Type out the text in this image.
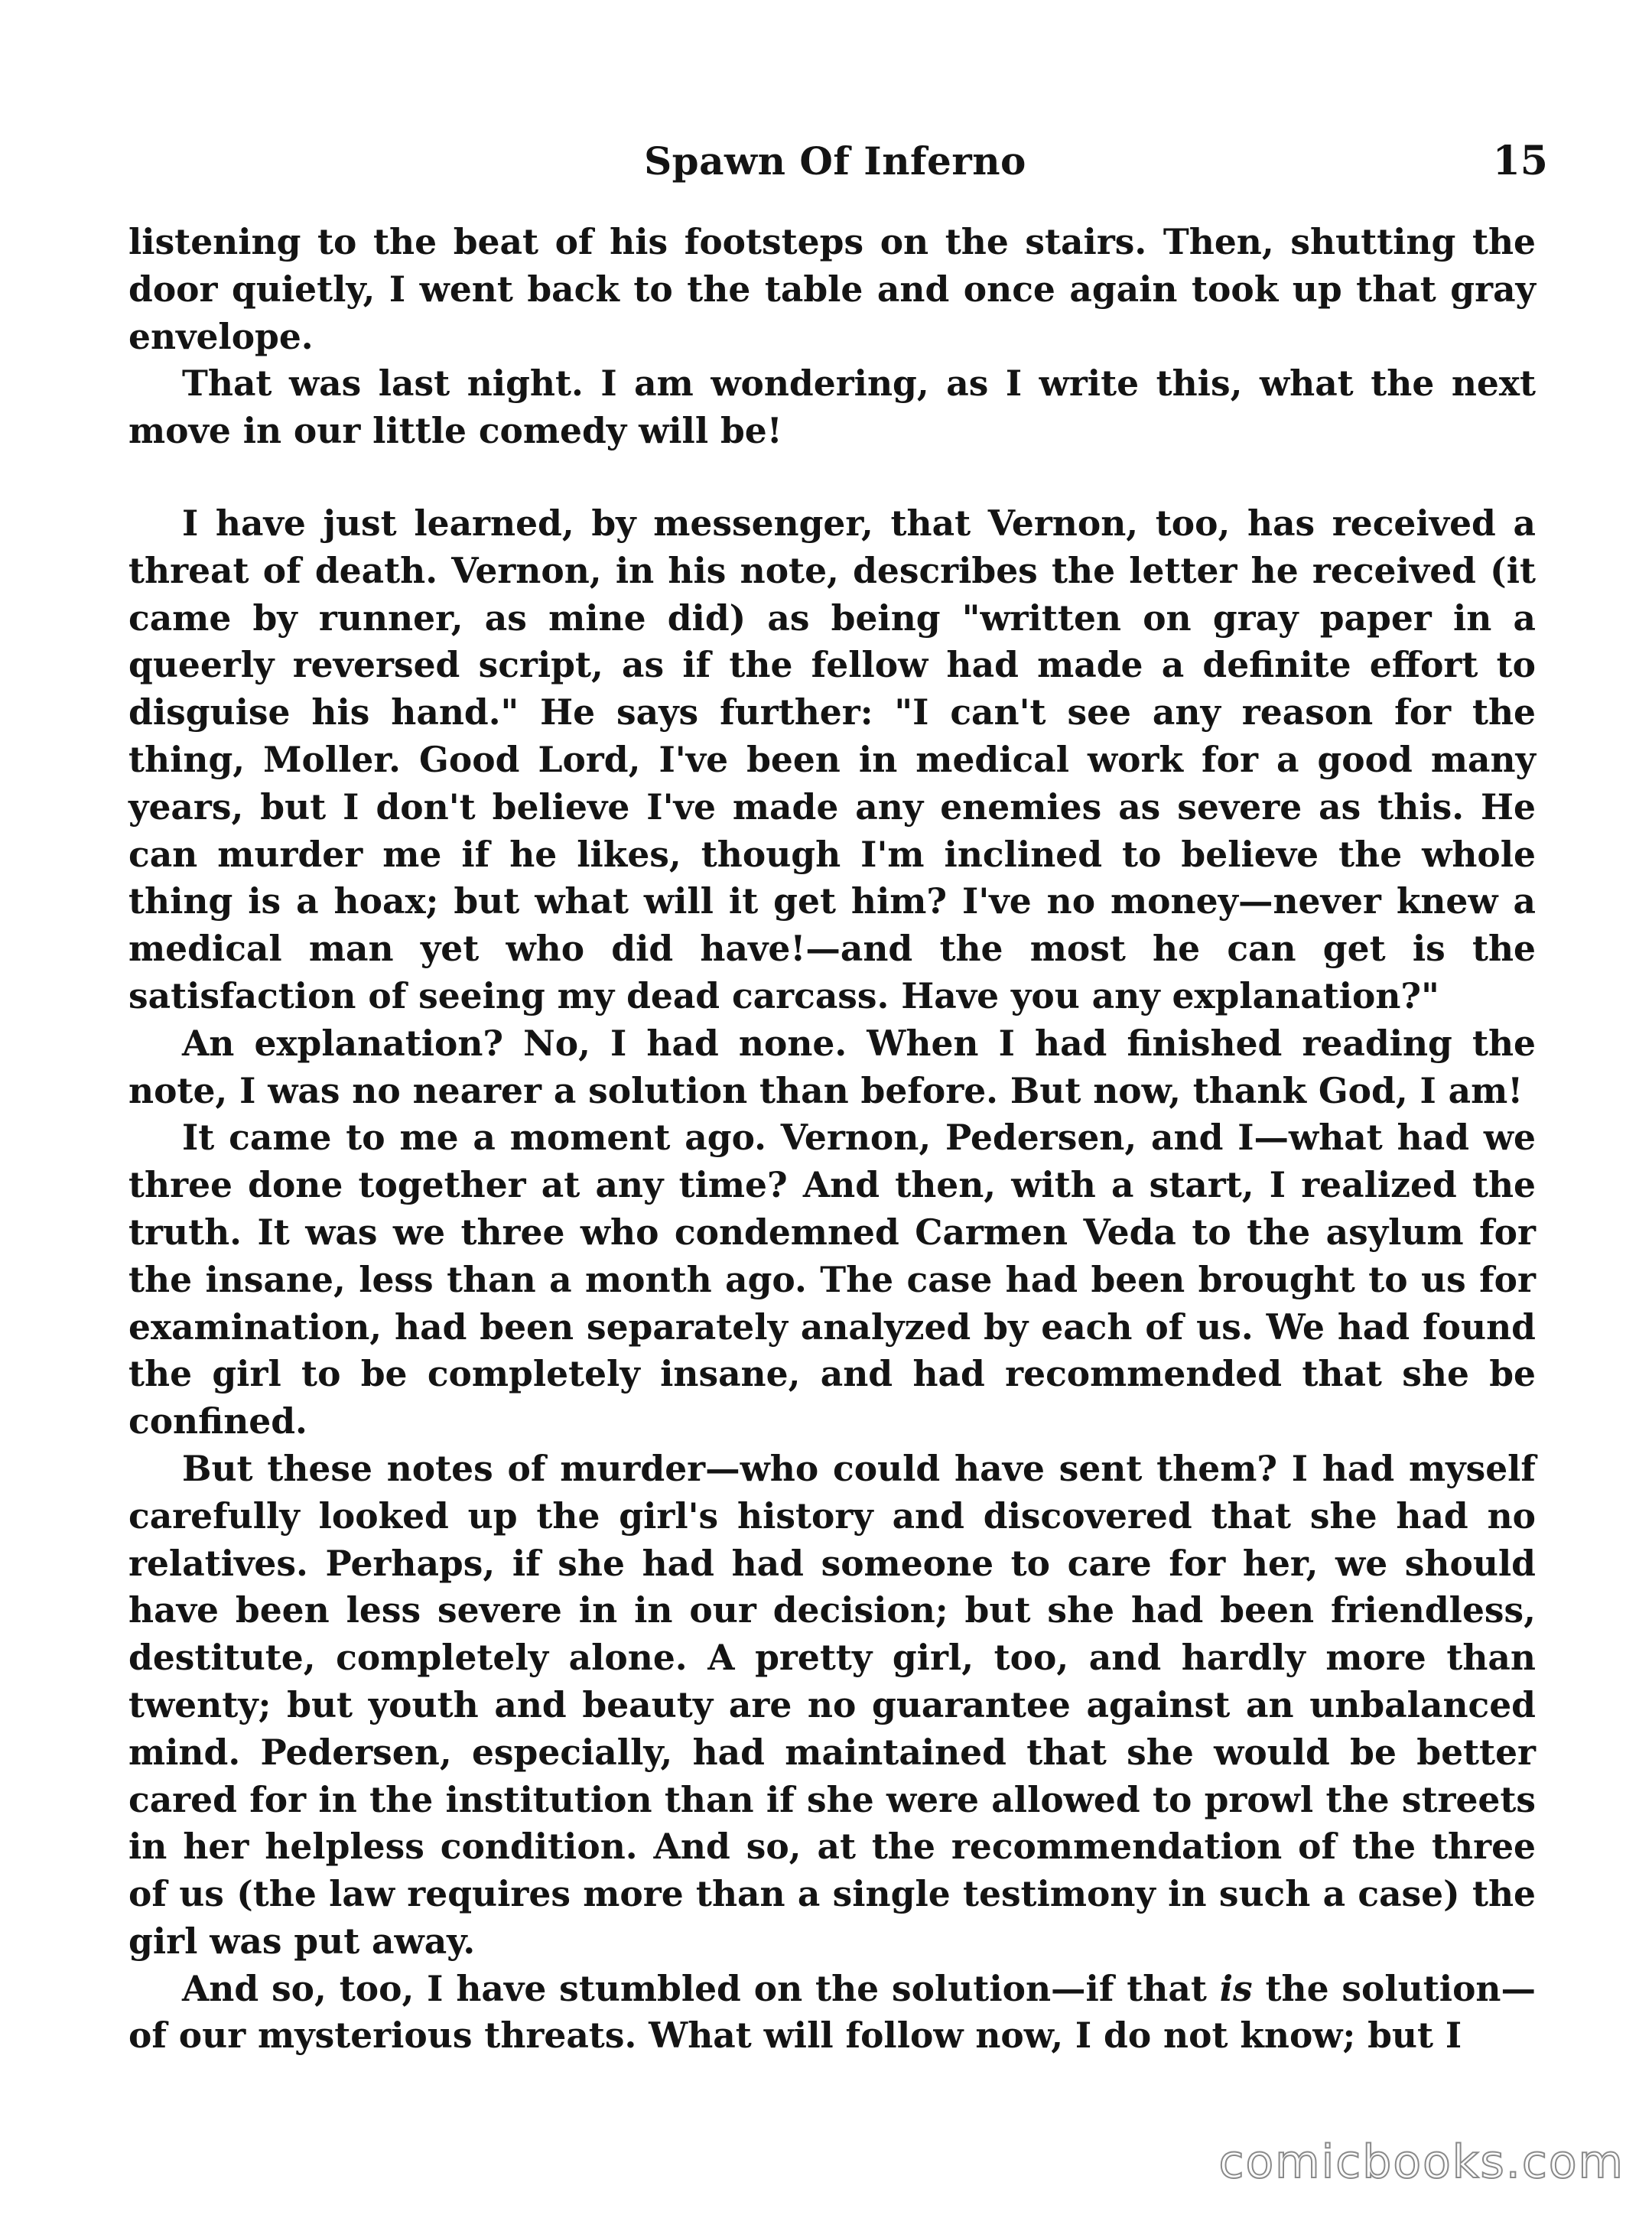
Spawn Of Inferno	15

listening to the beat of his footsteps on the stairs. Then, shutting the door quietly, I went back to the table and once again took up that gray envelope.

That was last night. I am wondering, as I write this, what the next move in our little comedy will be!

I have just learned, by messenger, that Vernon, too, has received a threat of death. Vernon, in his note, describes the letter he received (it came by runner, as mine did) as being "written on gray paper in a queerly reversed script, as if the fellow had made a definite effort to disguise his hand." He says further: "I can't see any reason for the thing, Moller. Good Lord, I've been in medical work for a good many years, but I don't believe I've made any enemies as severe as this. He can murder me if he likes, though I'm inclined to believe the whole thing is a hoax; but what will it get him? I've no money—never knew a medical man yet who did have!—and the most he can get is the satisfaction of seeing my dead carcass. Have you any explanation?"

An explanation? No, I had none. When I had finished reading the note, I was no nearer a solution than before. But now, thank God, I am!

It came to me a moment ago. Vernon, Pedersen, and I—what had we three done together at any time? And then, with a start, I realized the truth. It was we three who condemned Carmen Veda to the asylum for the insane, less than a month ago. The case had been brought to us for examination, had been separately analyzed by each of us. We had found the girl to be completely insane, and had recommended that she be confined.

But these notes of murder—who could have sent them? I had myself carefully looked up the girl's history and discovered that she had no relatives. Perhaps, if she had had someone to care for her, we should have been less severe in in our decision; but she had been friendless, destitute, completely alone. A pretty girl, too, and hardly more than twenty; but youth and beauty are no guarantee against an unbalanced mind. Pedersen, especially, had maintained that she would be better cared for in the institution than if she were allowed to prowl the streets in her helpless condition. And so, at the recommendation of the three of us (the law requires more than a single testimony in such a case) the girl was put away.

And so, too, I have stumbled on the solution—if that is the solution—of our mysterious threats. What will follow now, I do not know; but I

comicbooks.com
